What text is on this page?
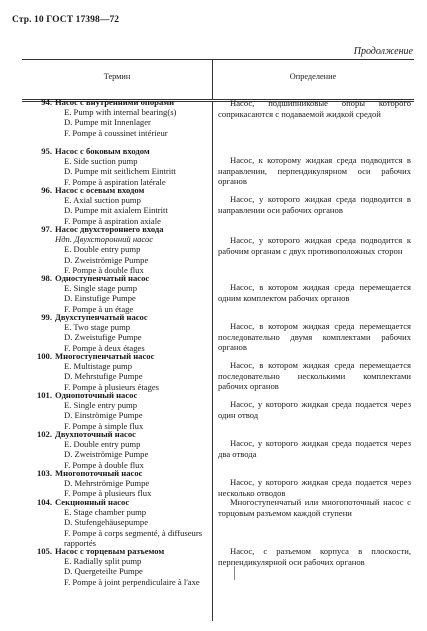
Стр. 10 ГОСТ 17398—72
Продолжение
Термин	Определение
94. Насос с внутренними опорами
E. Pump with internal bearing(s)
D. Pumpe mit Innenlager
F. Pompe à coussinet intérieur
Насос, подшипниковые опоры которого соприкасаются с подаваемой жидкой средой
95. Насос с боковым входом
E. Side suction pump
D. Pumpe mit seitlichem Eintritt
F. Pompe à aspiration latérale
Насос, к которому жидкая среда подводится в направлении, перпендикулярном оси рабочих органов
96. Насос с осевым входом
E. Axial suction pump
D. Pumpe mit axialem Eintritt
F. Pompe à aspiration axiale
Насос, у которого жидкая среда подводится в направлении оси рабочих органов
97. Насос двухстороннего входа
Ндп. Двухсторонний насос
E. Double entry pump
D. Zweiströmige Pumpe
F. Pompe à double flux
Насос, у которого жидкая среда подводится к рабочим органам с двух противоположных сторон
98. Одноступенчатый насос
E. Single stage pump
D. Einstufige Pumpe
F. Pompe à un étage
Насос, в котором жидкая среда перемещается одним комплектом рабочих органов
99. Двухступенчатый насос
E. Two stage pump
D. Zweistufige Pumpe
F. Pompe à deux étages
Насос, в котором жидкая среда перемещается последовательно двумя комплектами рабочих органов
100. Многоступенчатый насос
E. Multistage pump
D. Mehrstufige Pumpe
F. Pompe à plusieurs étages
Насос, в котором жидкая среда перемещается последовательно несколькими комплектами рабочих органов
101. Однопоточный насос
E. Single entry pump
D. Einströmige Pumpe
F. Pompe à simple flux
Насос, у которого жидкая среда подается через один отвод
102. Двухпоточный насос
E. Double entry pump
D. Zweiströmige Pumpe
F. Pompe à double flux
Насос, у которого жидкая среда подается через два отвода
103. Многопоточный насос
D. Mehrströmige Pumpe
F. Pompe à plusieurs flux
Насос, у которого жидкая среда подается через несколько отводов
104. Секционный насос
E. Stage chamber pump
D. Stufengehäusepumpe
F. Pompe à corps segmenté, à diffuseurs rapportés
Многоступенчатый или многопоточный насос с торцовым разъемом каждой ступени
105. Насос с торцевым разъемом
E. Radially split pump
D. Quergeteilte Pumpe
F. Pompe à joint perpendiculaire à l'axe
Насос, с разъемом корпуса в плоскости, перпендикулярной оси рабочих органов
